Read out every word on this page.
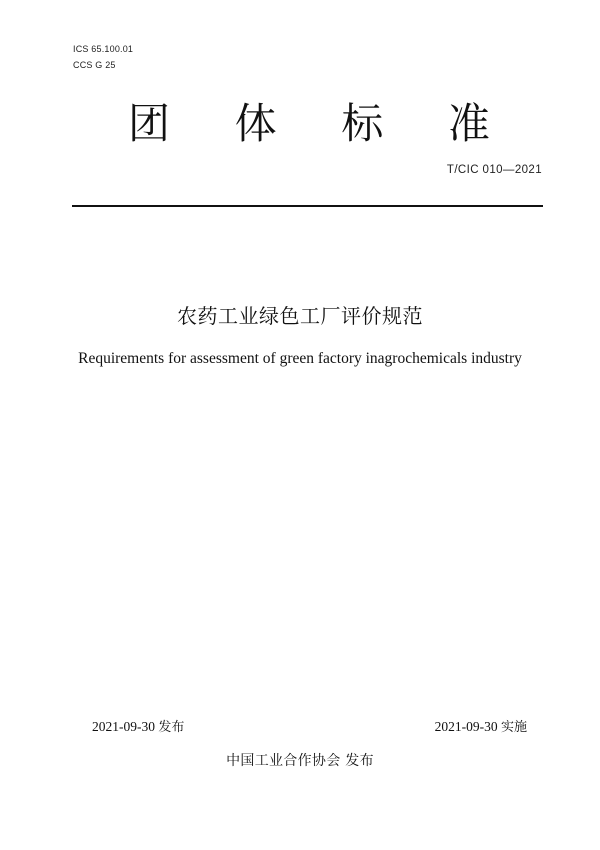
ICS 65.100.01
CCS G 25
团 体 标 准
T/CIC 010—2021
农药工业绿色工厂评价规范
Requirements for assessment of green factory inagrochemicals industry
2021-09-30 发布	2021-09-30 实施
中国工业合作协会 发布
